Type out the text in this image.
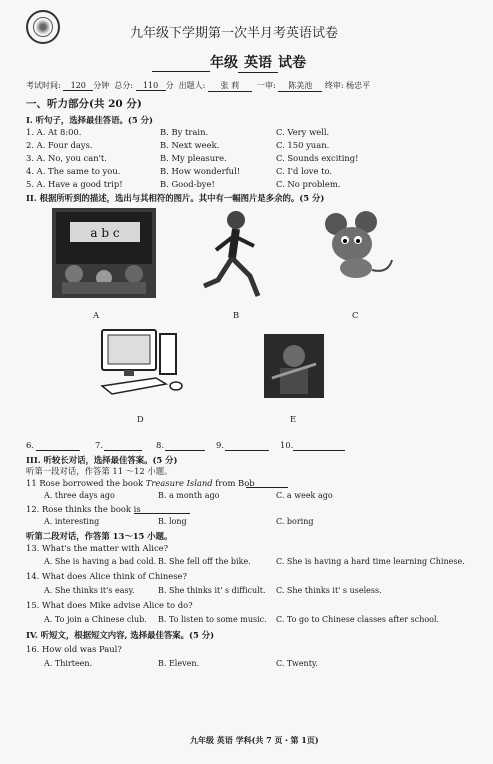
九年级下学期第一次半月考英语试卷
年级 英语 试卷
考试时间: 120 分钟 总分: 110 分 出题人: 张 莉 一审: 陈美池 终审: 杨忠平
一、听力部分(共 20 分)
I. 听句子，选择最佳答语。(5 分)
1. A. At 8:00.	B. By train.	C. Very well.
2. A. Four days.	B. Next week.	C. 150 yuan.
3. A. No, you can't.	B. My pleasure.	C. Sounds exciting!
4. A. The same to you.	B. How wonderful!	C. I'd love to.
5. A. Have a good trip!	B. Good-bye!	C. No problem.
II. 根据所听到的描述，选出与其相符的图片。其中有一幅图片是多余的。(5 分)
a b c
A	B	C
D	E
6.	7.	8.	9.	10.
III. 听较长对话，选择最佳答案。(5 分)
听第一段对话，作答第 11 ～12 小题。
11 Rose borrowed the book Treasure Island from Bob
A. three days ago	B. a month ago	C. a week ago
12. Rose thinks the book is
A. interesting	B. long	C. boring
听第二段对话，作答第 13～15 小题。
13. What's the matter with Alice?
A. She is having a bad cold. B. She fell off the bike.	C. She is having a hard time learning Chinese.
14. What does Alice think of Chinese?
A. She thinks it's easy.	B. She thinks it' s difficult. C. She thinks it' s useless.
15. What does Mike advise Alice to do?
A. To join a Chinese club. B. To listen to some music. C. To go to Chinese classes after school.
IV. 听短文，根据短文内容, 选择最佳答案。(5 分)
16. How old was Paul?
A. Thirteen.	B. Eleven.	C. Twenty.
九年级 英语 学科(共 7 页・第 1页)
